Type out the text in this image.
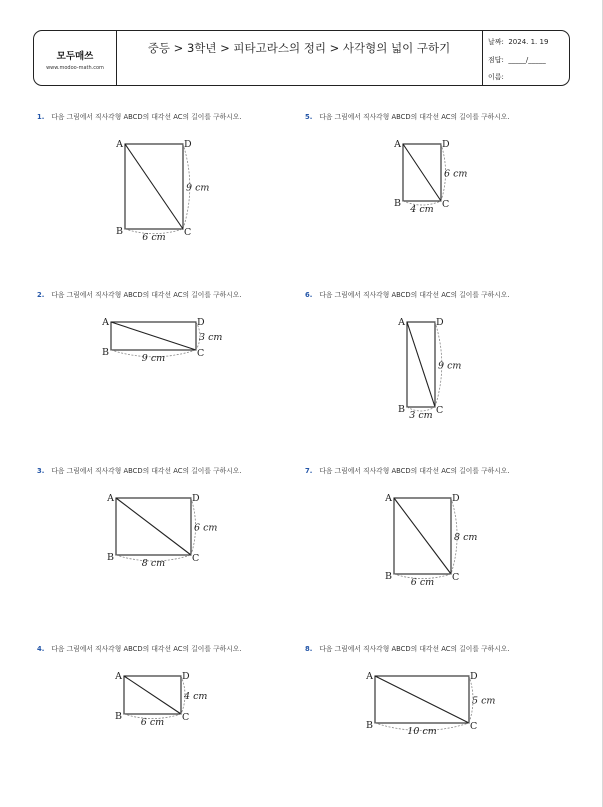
모두매쓰
www.modoo-math.com
중등 > 3학년 > 피타고라스의 정리 > 사각형의 넓이 구하기	날짜: 2024. 1. 19
점답: _____/_____
이름:
1. 다음 그림에서 직사각형 ABCD의 대각선 AC의 길이를 구하시오.
2. 다음 그림에서 직사각형 ABCD의 대각선 AC의 길이를 구하시오.
3. 다음 그림에서 직사각형 ABCD의 대각선 AC의 길이를 구하시오.
4. 다음 그림에서 직사각형 ABCD의 대각선 AC의 길이를 구하시오.
5. 다음 그림에서 직사각형 ABCD의 대각선 AC의 길이를 구하시오.
6. 다음 그림에서 직사각형 ABCD의 대각선 AC의 길이를 구하시오.
7. 다음 그림에서 직사각형 ABCD의 대각선 AC의 길이를 구하시오.
8. 다음 그림에서 직사각형 ABCD의 대각선 AC의 길이를 구하시오.
A	D
B	C
6 cm
9 cm
A	D
B	C
9 cm
3 cm
A	D
B	C
8 cm
6 cm
A	D
B	C
6 cm
4 cm
A	D
B	C
4 cm
6 cm
A	D
B	C
3 cm
9 cm
A	D
B	C
6 cm
8 cm
A	D
B	C
10 cm
5 cm
